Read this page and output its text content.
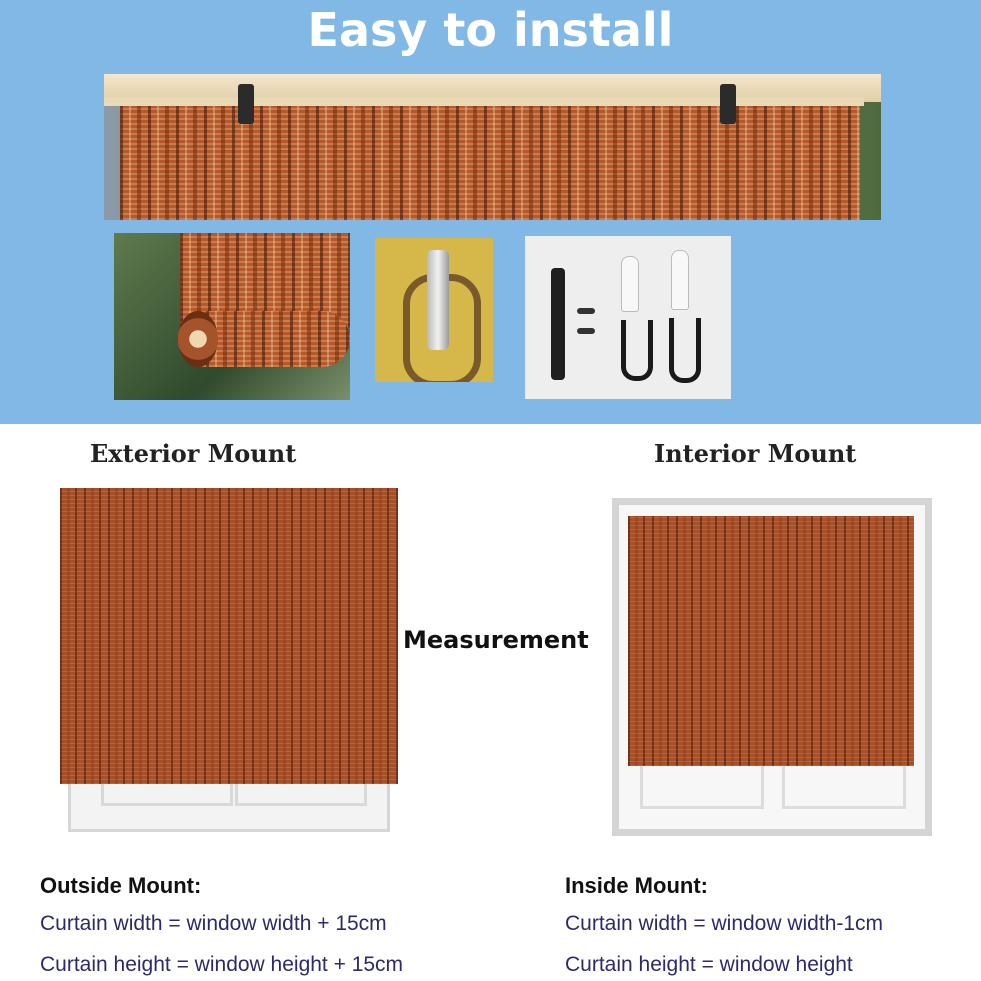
Easy to install
Exterior Mount	Interior Mount
Measurement
Outside Mount:
Curtain width = window width + 15cm
Curtain height = window height + 15cm
Inside Mount:
Curtain width = window width-1cm
Curtain height = window height
